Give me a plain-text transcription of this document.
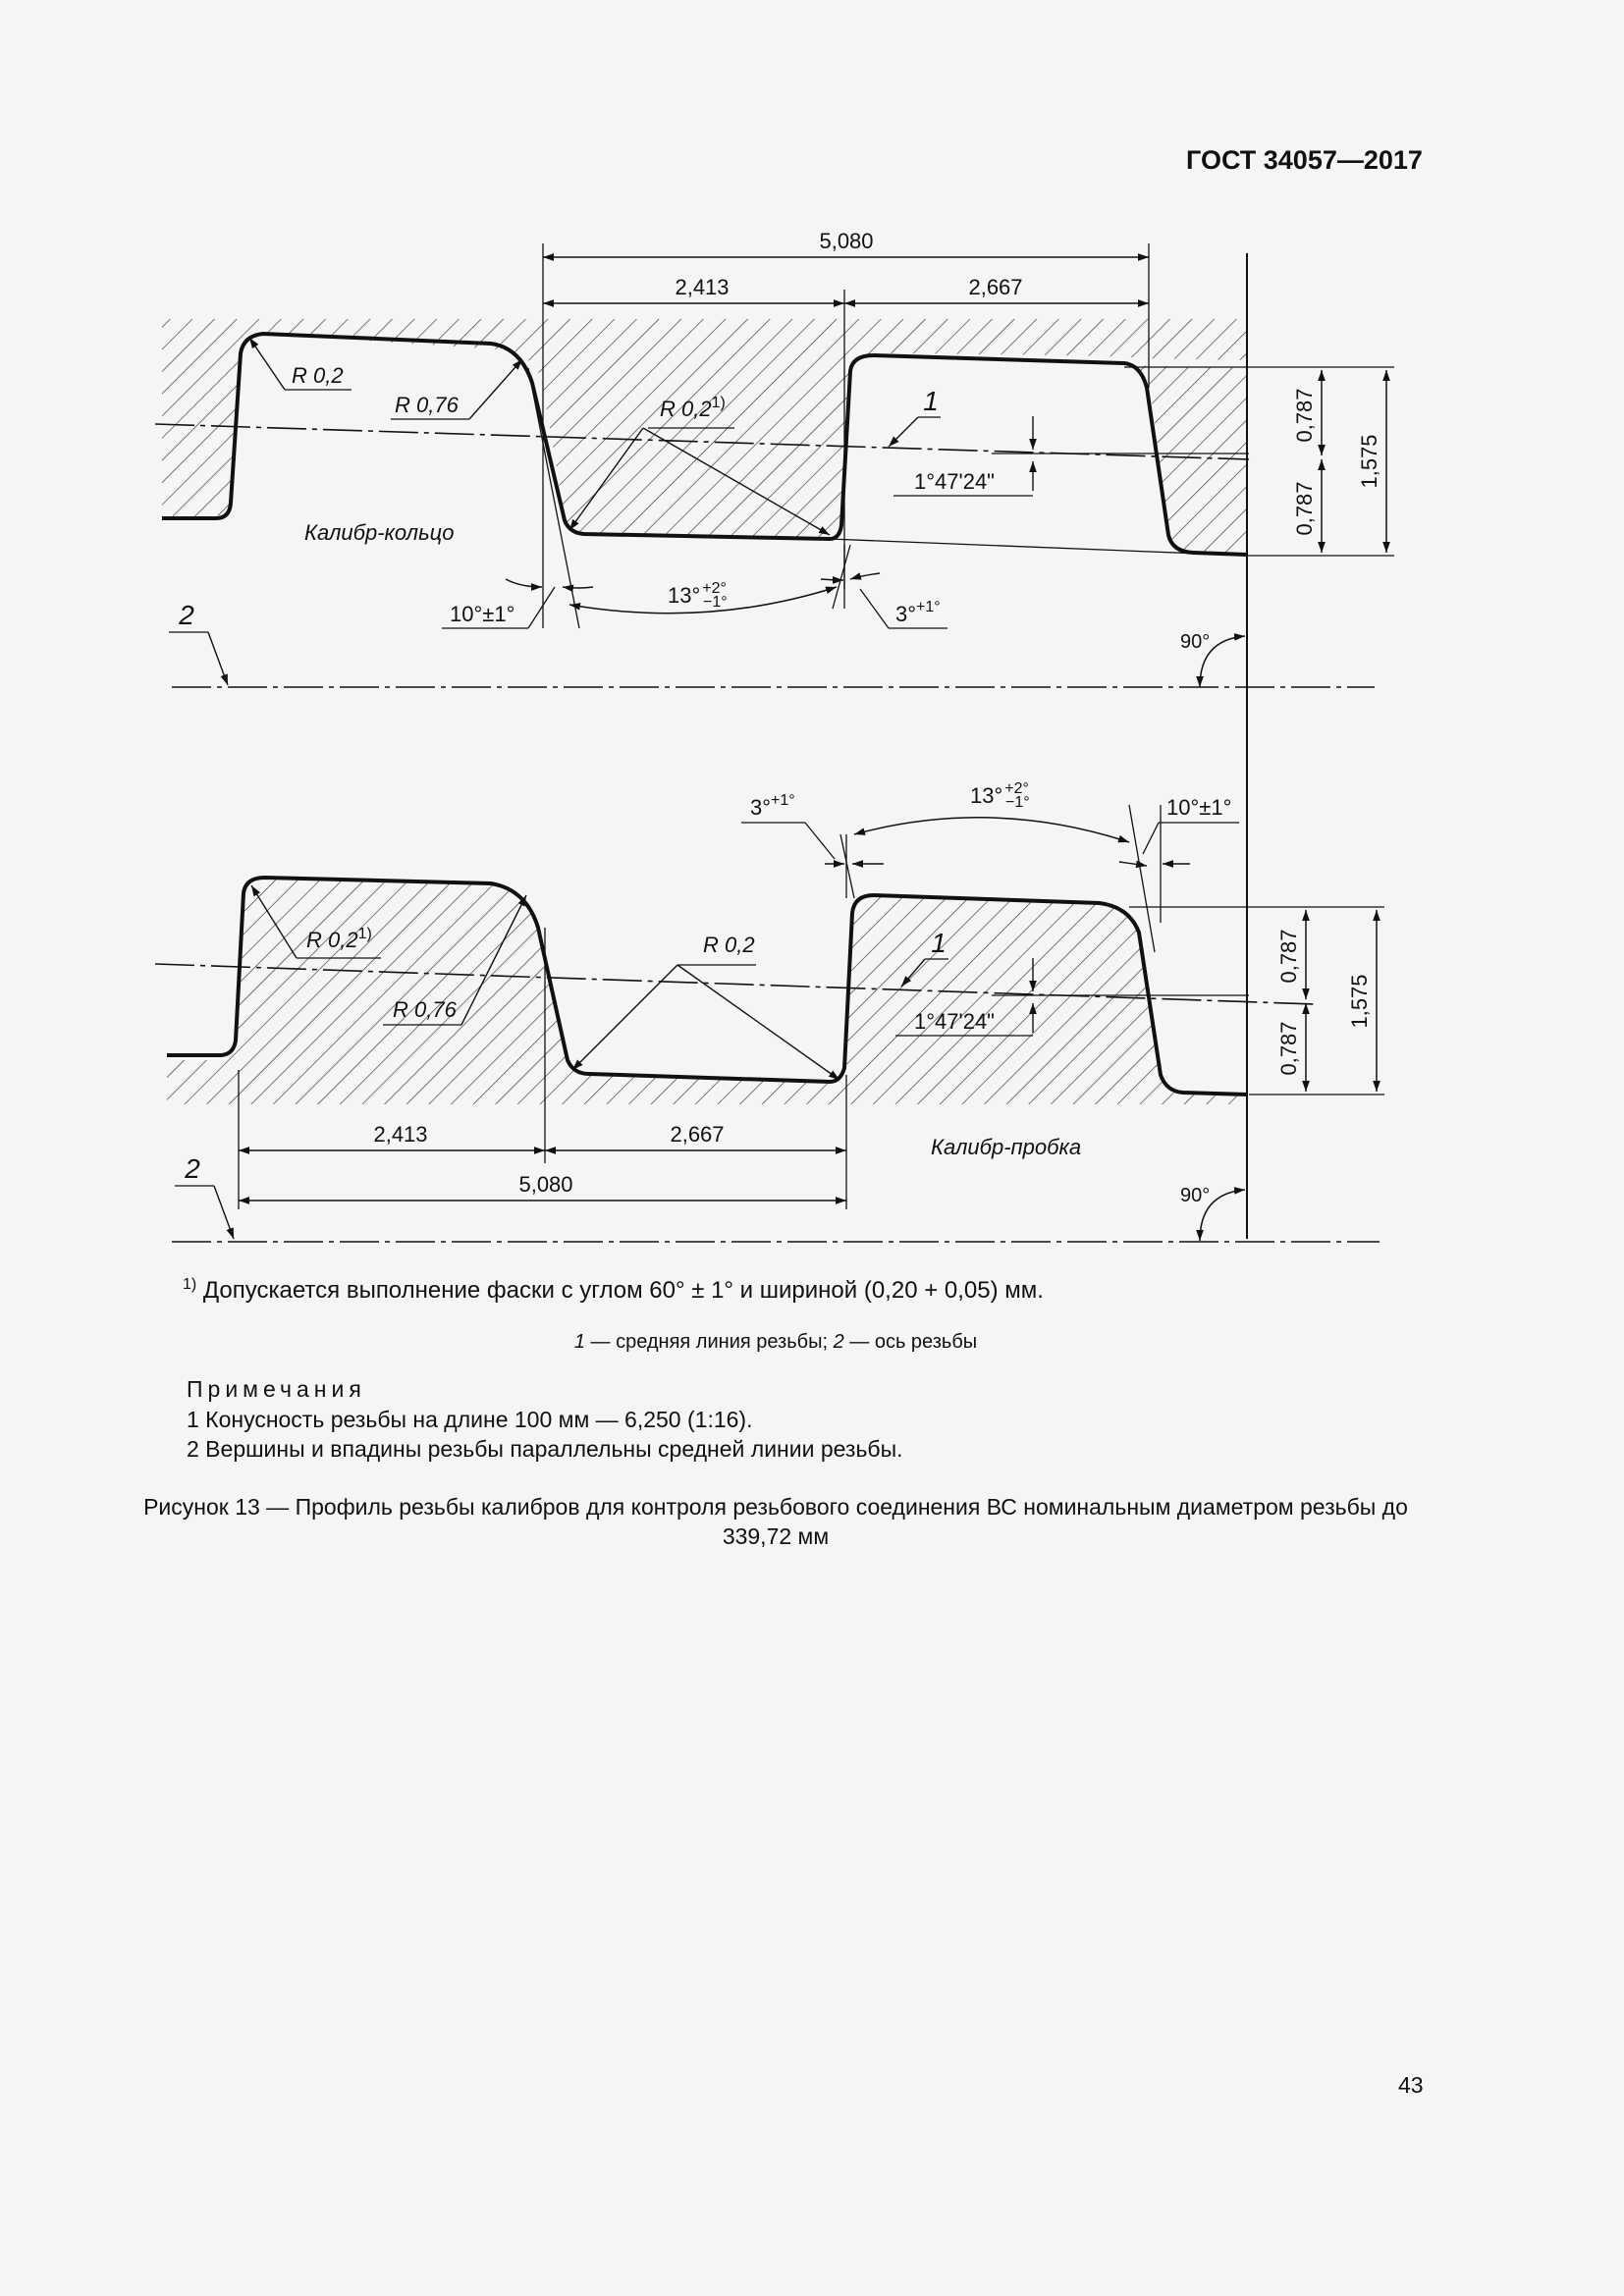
5,080
2,413	2,667
0,787
0,787
1,575
1°47'24"
1
R 0,2
R 0,76	R 0,2$^{1)}$
Калибр-кольцо
13° $^{+2^\circ}$
−1°
10°±1°	3°$^{+1^\circ}$
90°
2
2,413	2,667
5,080
0,787
0,787
1,575
1°47'24"
1
R 0,2$^{1)}$
R 0,76
R 0,2
Калибр-пробка
13° $^{+2^\circ}$
−1°
3°$^{+1^\circ}$	10°±1°
90°
2
ГОСТ 34057—2017
$^{1)}$ Допускается выполнение фаски с углом 60° ± 1° и шириной (0,20 + 0,05) мм.
1 — средняя линия резьбы; 2 — ось резьбы
Примечания
1 Конусность резьбы на длине 100 мм — 6,250 (1:16).
2 Вершины и впадины резьбы параллельны средней линии резьбы.
Рисунок 13 — Профиль резьбы калибров для контроля резьбового соединения ВС номинальным диаметром резьбы до 339,72 мм
43
